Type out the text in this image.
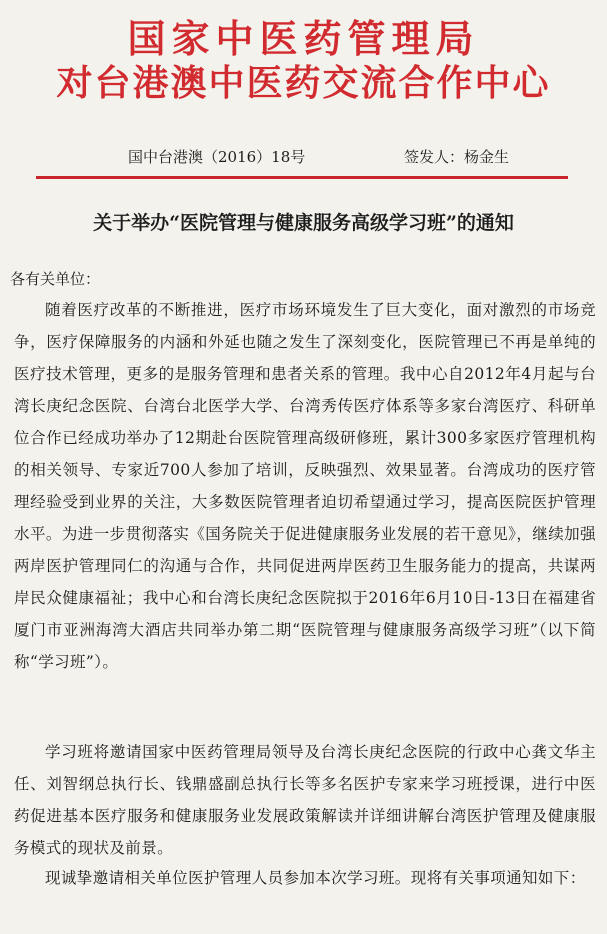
国家中医药管理局
对台港澳中医药交流合作中心
国中台港澳（2016）18号	签发人：杨金生
关于举办“医院管理与健康服务高级学习班”的通知
各有关单位：
随着医疗改革的不断推进，医疗市场环境发生了巨大变化，面对激烈的市场竞争，医疗保障服务的内涵和外延也随之发生了深刻变化，医院管理已不再是单纯的医疗技术管理，更多的是服务管理和患者关系的管理。我中心自2012年4月起与台湾长庚纪念医院、台湾台北医学大学、台湾秀传医疗体系等多家台湾医疗、科研单位合作已经成功举办了12期赴台医院管理高级研修班，累计300多家医疗管理机构的相关领导、专家近700人参加了培训，反映强烈、效果显著。台湾成功的医疗管理经验受到业界的关注，大多数医院管理者迫切希望通过学习，提高医院医护管理水平。为进一步贯彻落实《国务院关于促进健康服务业发展的若干意见》，继续加强两岸医护管理同仁的沟通与合作，共同促进两岸医药卫生服务能力的提高，共谋两岸民众健康福祉；我中心和台湾长庚纪念医院拟于2016年6月10日-13日在福建省厦门市亚洲海湾大酒店共同举办第二期“医院管理与健康服务高级学习班”（以下简称“学习班”）。
学习班将邀请国家中医药管理局领导及台湾长庚纪念医院的行政中心龚文华主任、刘智纲总执行长、钱鼎盛副总执行长等多名医护专家来学习班授课，进行中医药促进基本医疗服务和健康服务业发展政策解读并详细讲解台湾医护管理及健康服务模式的现状及前景。
现诚挚邀请相关单位医护管理人员参加本次学习班。现将有关事项通知如下：
